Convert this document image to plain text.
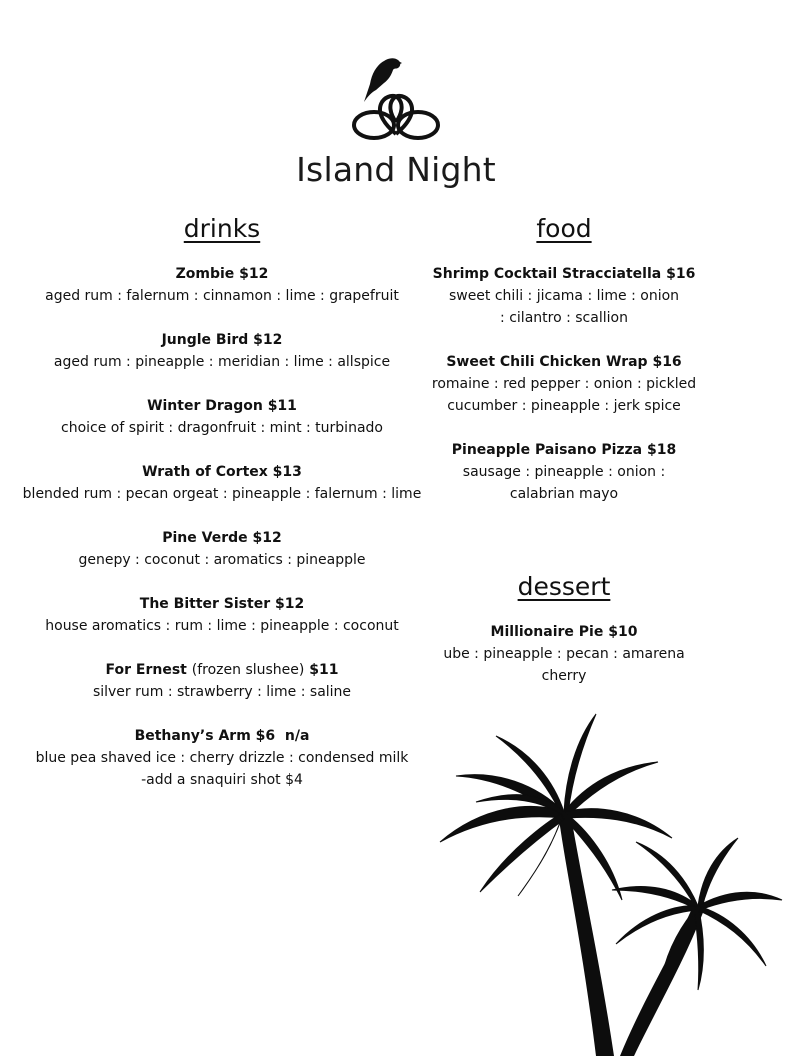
Island Night
drinks
Zombie $12
aged rum : falernum : cinnamon : lime : grapefruit
Jungle Bird $12
aged rum : pineapple : meridian : lime : allspice
Winter Dragon $11
choice of spirit : dragonfruit : mint : turbinado
Wrath of Cortex $13
blended rum : pecan orgeat : pineapple : falernum : lime
Pine Verde $12
genepy : coconut : aromatics : pineapple
The Bitter Sister $12
house aromatics : rum : lime : pineapple : coconut
For Ernest (frozen slushee) $11
silver rum : strawberry : lime : saline
Bethany’s Arm $6  n/a
blue pea shaved ice : cherry drizzle : condensed milk
-add a snaquiri shot $4
food
Shrimp Cocktail Stracciatella $16
sweet chili : jicama : lime : onion : cilantro : scallion
Sweet Chili Chicken Wrap $16
romaine : red pepper : onion : pickled cucumber : pineapple : jerk spice
Pineapple Paisano Pizza $18
sausage : pineapple : onion : calabrian mayo
dessert
Millionaire Pie $10
ube : pineapple : pecan : amarena cherry
